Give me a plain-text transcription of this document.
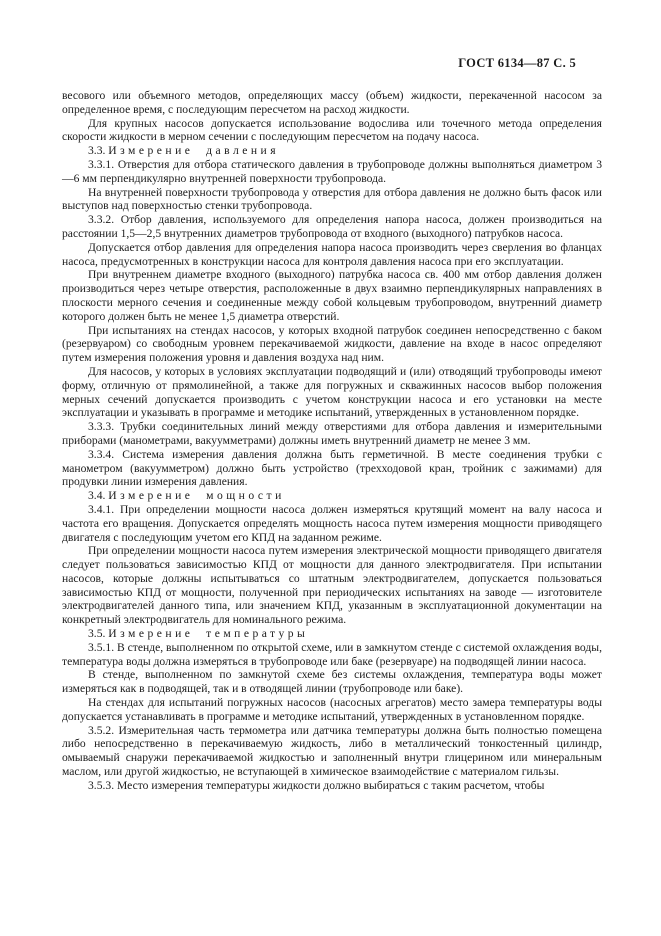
ГОСТ 6134—87 С. 5

весового или объемного методов, определяющих массу (объем) жидкости, перекаченной насосом за определенное время, с последующим пересчетом на расход жидкости.

Для крупных насосов допускается использование водослива или точечного метода определения скорости жидкости в мерном сечении с последующим пересчетом на подачу насоса.

3.3. Измерение давления

3.3.1. Отверстия для отбора статического давления в трубопроводе должны выполняться диаметром 3—6 мм перпендикулярно внутренней поверхности трубопровода.

На внутренней поверхности трубопровода у отверстия для отбора давления не должно быть фасок или выступов над поверхностью стенки трубопровода.

3.3.2. Отбор давления, используемого для определения напора насоса, должен производиться на расстоянии 1,5—2,5 внутренних диаметров трубопровода от входного (выходного) патрубков насоса.

Допускается отбор давления для определения напора насоса производить через сверления во фланцах насоса, предусмотренных в конструкции насоса для контроля давления насоса при его эксплуатации.

При внутреннем диаметре входного (выходного) патрубка насоса св. 400 мм отбор давления должен производиться через четыре отверстия, расположенные в двух взаимно перпендикулярных направлениях в плоскости мерного сечения и соединенные между собой кольцевым трубопроводом, внутренний диаметр которого должен быть не менее 1,5 диаметра отверстий.

При испытаниях на стендах насосов, у которых входной патрубок соединен непосредственно с баком (резервуаром) со свободным уровнем перекачиваемой жидкости, давление на входе в насос определяют путем измерения положения уровня и давления воздуха над ним.

Для насосов, у которых в условиях эксплуатации подводящий и (или) отводящий трубопроводы имеют форму, отличную от прямолинейной, а также для погружных и скважинных насосов выбор положения мерных сечений допускается производить с учетом конструкции насоса и его установки на месте эксплуатации и указывать в программе и методике испытаний, утвержденных в установленном порядке.

3.3.3. Трубки соединительных линий между отверстиями для отбора давления и измерительными приборами (манометрами, вакуумметрами) должны иметь внутренний диаметр не менее 3 мм.

3.3.4. Система измерения давления должна быть герметичной. В месте соединения трубки с манометром (вакуумметром) должно быть устройство (трехходовой кран, тройник с зажимами) для продувки линии измерения давления.

3.4. Измерение мощности

3.4.1. При определении мощности насоса должен измеряться крутящий момент на валу насоса и частота его вращения. Допускается определять мощность насоса путем измерения мощности приводящего двигателя с последующим учетом его КПД на заданном режиме.

При определении мощности насоса путем измерения электрической мощности приводящего двигателя следует пользоваться зависимостью КПД от мощности для данного электродвигателя. При испытании насосов, которые должны испытываться со штатным электродвигателем, допускается пользоваться зависимостью КПД от мощности, полученной при периодических испытаниях на заводе — изготовителе электродвигателей данного типа, или значением КПД, указанным в эксплуатационной документации на конкретный электродвигатель для номинального режима.

3.5. Измерение температуры

3.5.1. В стенде, выполненном по открытой схеме, или в замкнутом стенде с системой охлаждения воды, температура воды должна измеряться в трубопроводе или баке (резервуаре) на подводящей линии насоса.

В стенде, выполненном по замкнутой схеме без системы охлаждения, температура воды может измеряться как в подводящей, так и в отводящей линии (трубопроводе или баке).

На стендах для испытаний погружных насосов (насосных агрегатов) место замера температуры воды допускается устанавливать в программе и методике испытаний, утвержденных в установленном порядке.

3.5.2. Измерительная часть термометра или датчика температуры должна быть полностью помещена либо непосредственно в перекачиваемую жидкость, либо в металлический тонкостенный цилиндр, омываемый снаружи перекачиваемой жидкостью и заполненный внутри глицерином или минеральным маслом, или другой жидкостью, не вступающей в химическое взаимодействие с материалом гильзы.

3.5.3. Место измерения температуры жидкости должно выбираться с таким расчетом, чтобы
